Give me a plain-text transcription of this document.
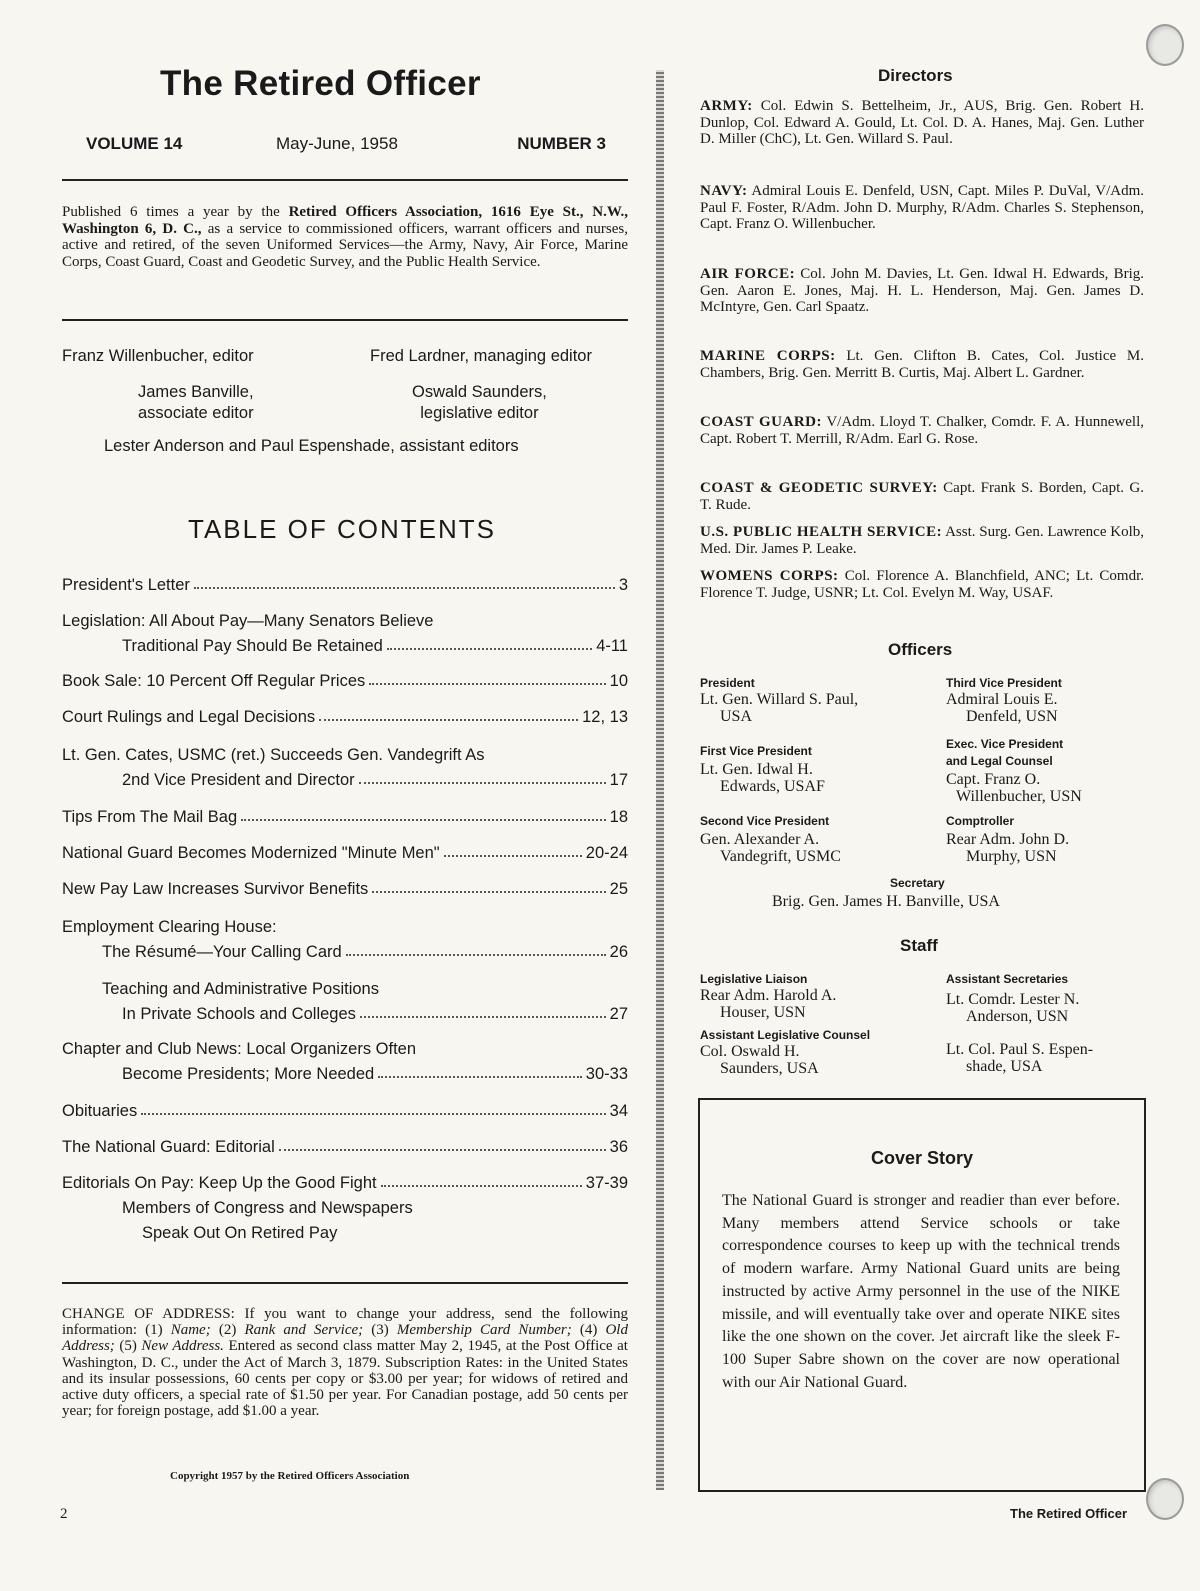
The Retired Officer
VOLUME 14	May-June, 1958	NUMBER 3
Published 6 times a year by the Retired Officers Association, 1616 Eye St., N.W., Washington 6, D. C., as a service to commissioned officers, warrant officers and nurses, active and retired, of the seven Uniformed Services—the Army, Navy, Air Force, Marine Corps, Coast Guard, Coast and Geodetic Survey, and the Public Health Service.
Franz Willenbucher, editor	Fred Lardner, managing editor
James Banville,
associate editor
Oswald Saunders,
legislative editor
Lester Anderson and Paul Espenshade, assistant editors
TABLE OF CONTENTS
President's Letter	3
Legislation: All About Pay—Many Senators Believe
Traditional Pay Should Be Retained	4-11
Book Sale: 10 Percent Off Regular Prices	10
Court Rulings and Legal Decisions	12, 13
Lt. Gen. Cates, USMC (ret.) Succeeds Gen. Vandegrift As
2nd Vice President and Director	17
Tips From The Mail Bag	18
National Guard Becomes Modernized "Minute Men"	20-24
New Pay Law Increases Survivor Benefits	25
Employment Clearing House:
The Résumé—Your Calling Card	26
Teaching and Administrative Positions
In Private Schools and Colleges	27
Chapter and Club News: Local Organizers Often
Become Presidents; More Needed	30-33
Obituaries	34
The National Guard: Editorial	36
Editorials On Pay: Keep Up the Good Fight	37-39
Members of Congress and Newspapers
Speak Out On Retired Pay
CHANGE OF ADDRESS: If you want to change your address, send the following information: (1) Name; (2) Rank and Service; (3) Membership Card Number; (4) Old Address; (5) New Address. Entered as second class matter May 2, 1945, at the Post Office at Washington, D. C., under the Act of March 3, 1879. Subscription Rates: in the United States and its insular possessions, 60 cents per copy or $3.00 per year; for widows of retired and active duty officers, a special rate of $1.50 per year. For Canadian postage, add 50 cents per year; for foreign postage, add $1.00 a year.
Copyright 1957 by the Retired Officers Association
2
Directors
ARMY: Col. Edwin S. Bettelheim, Jr., AUS, Brig. Gen. Robert H. Dunlop, Col. Edward A. Gould, Lt. Col. D. A. Hanes, Maj. Gen. Luther D. Miller (ChC), Lt. Gen. Willard S. Paul.
NAVY: Admiral Louis E. Denfeld, USN, Capt. Miles P. DuVal, V/Adm. Paul F. Foster, R/Adm. John D. Murphy, R/Adm. Charles S. Stephenson, Capt. Franz O. Willenbucher.
AIR FORCE: Col. John M. Davies, Lt. Gen. Idwal H. Edwards, Brig. Gen. Aaron E. Jones, Maj. H. L. Henderson, Maj. Gen. James D. McIntyre, Gen. Carl Spaatz.
MARINE CORPS: Lt. Gen. Clifton B. Cates, Col. Justice M. Chambers, Brig. Gen. Merritt B. Curtis, Maj. Albert L. Gardner.
COAST GUARD: V/Adm. Lloyd T. Chalker, Comdr. F. A. Hunnewell, Capt. Robert T. Merrill, R/Adm. Earl G. Rose.
COAST & GEODETIC SURVEY: Capt. Frank S. Borden, Capt. G. T. Rude.
U.S. PUBLIC HEALTH SERVICE: Asst. Surg. Gen. Lawrence Kolb, Med. Dir. James P. Leake.
WOMENS CORPS: Col. Florence A. Blanchfield, ANC; Lt. Comdr. Florence T. Judge, USNR; Lt. Col. Evelyn M. Way, USAF.
Officers
President
Lt. Gen. Willard S. Paul,
USA
First Vice President
Lt. Gen. Idwal H.
Edwards, USAF
Second Vice President
Gen. Alexander A.
Vandegrift, USMC
Third Vice President
Admiral Louis E.
Denfeld, USN
Exec. Vice President
and Legal Counsel
Capt. Franz O.
Willenbucher, USN
Comptroller
Rear Adm. John D.
Murphy, USN
Secretary
Brig. Gen. James H. Banville, USA
Staff
Legislative Liaison
Rear Adm. Harold A.
Houser, USN
Assistant Legislative Counsel
Col. Oswald H.
Saunders, USA
Assistant Secretaries
Lt. Comdr. Lester N.
Anderson, USN
Lt. Col. Paul S. Espen-
shade, USA
Cover Story
The National Guard is stronger and readier than ever before. Many members attend Service schools or take correspondence courses to keep up with the technical trends of modern warfare. Army National Guard units are being instructed by active Army personnel in the use of the NIKE missile, and will eventually take over and operate NIKE sites like the one shown on the cover. Jet aircraft like the sleek F-100 Super Sabre shown on the cover are now operational with our Air National Guard.
The Retired Officer
